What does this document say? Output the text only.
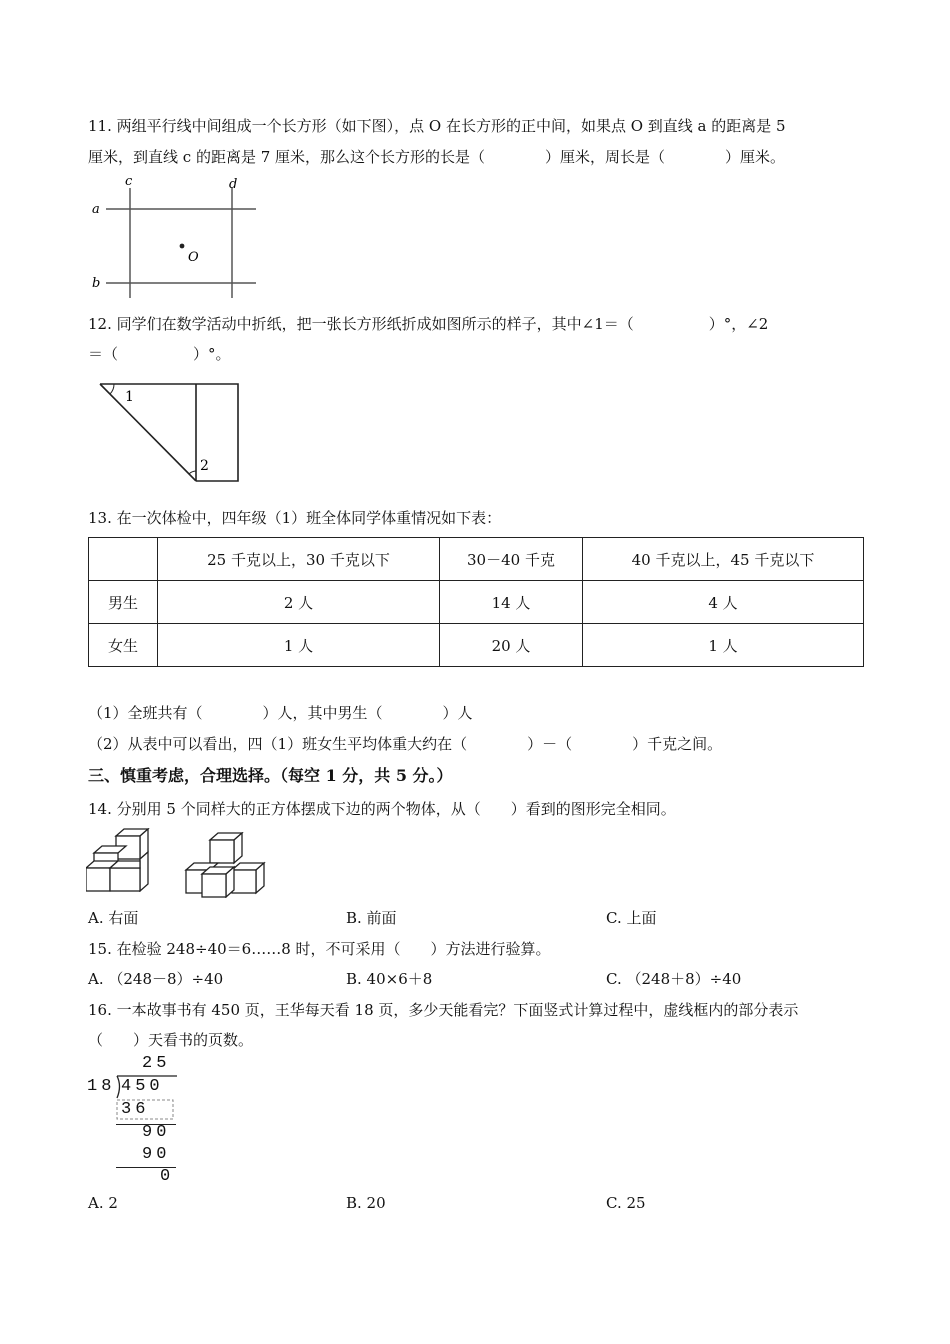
11. 两组平行线中间组成一个长方形（如下图），点 O 在长方形的正中间，如果点 O 到直线 a 的距离是 5
厘米，到直线 c 的距离是 7 厘米，那么这个长方形的长是（　　　　）厘米，周长是（　　　　）厘米。
c	d
a
b
O
12. 同学们在数学活动中折纸，把一张长方形纸折成如图所示的样子，其中∠1＝（　　　　　）°，∠2
＝（　　　　　）°。
1
2
13. 在一次体检中，四年级（1）班全体同学体重情况如下表：
	25 千克以上，30 千克以下	30－40 千克	40 千克以上，45 千克以下
男生	2 人	14 人	4 人
女生	1 人	20 人	1 人
（1）全班共有（　　　　）人，其中男生（　　　　）人
（2）从表中可以看出，四（1）班女生平均体重大约在（　　　　）－（　　　　）千克之间。
三、慎重考虑，合理选择。（每空 1 分，共 5 分。）
14. 分别用 5 个同样大的正方体摆成下边的两个物体，从（　　）看到的图形完全相同。
A. 右面	B. 前面	C. 上面
15. 在检验 248÷40＝6……8 时，不可采用（　　）方法进行验算。
A. （248－8）÷40	B. 40×6＋8	C. （248＋8）÷40
16. 一本故事书有 450 页，王华每天看 18 页，多少天能看完？下面竖式计算过程中，虚线框内的部分表示
（　　）天看书的页数。
25
18 450
36
90
90
0
A. 2	B. 20	C. 25
